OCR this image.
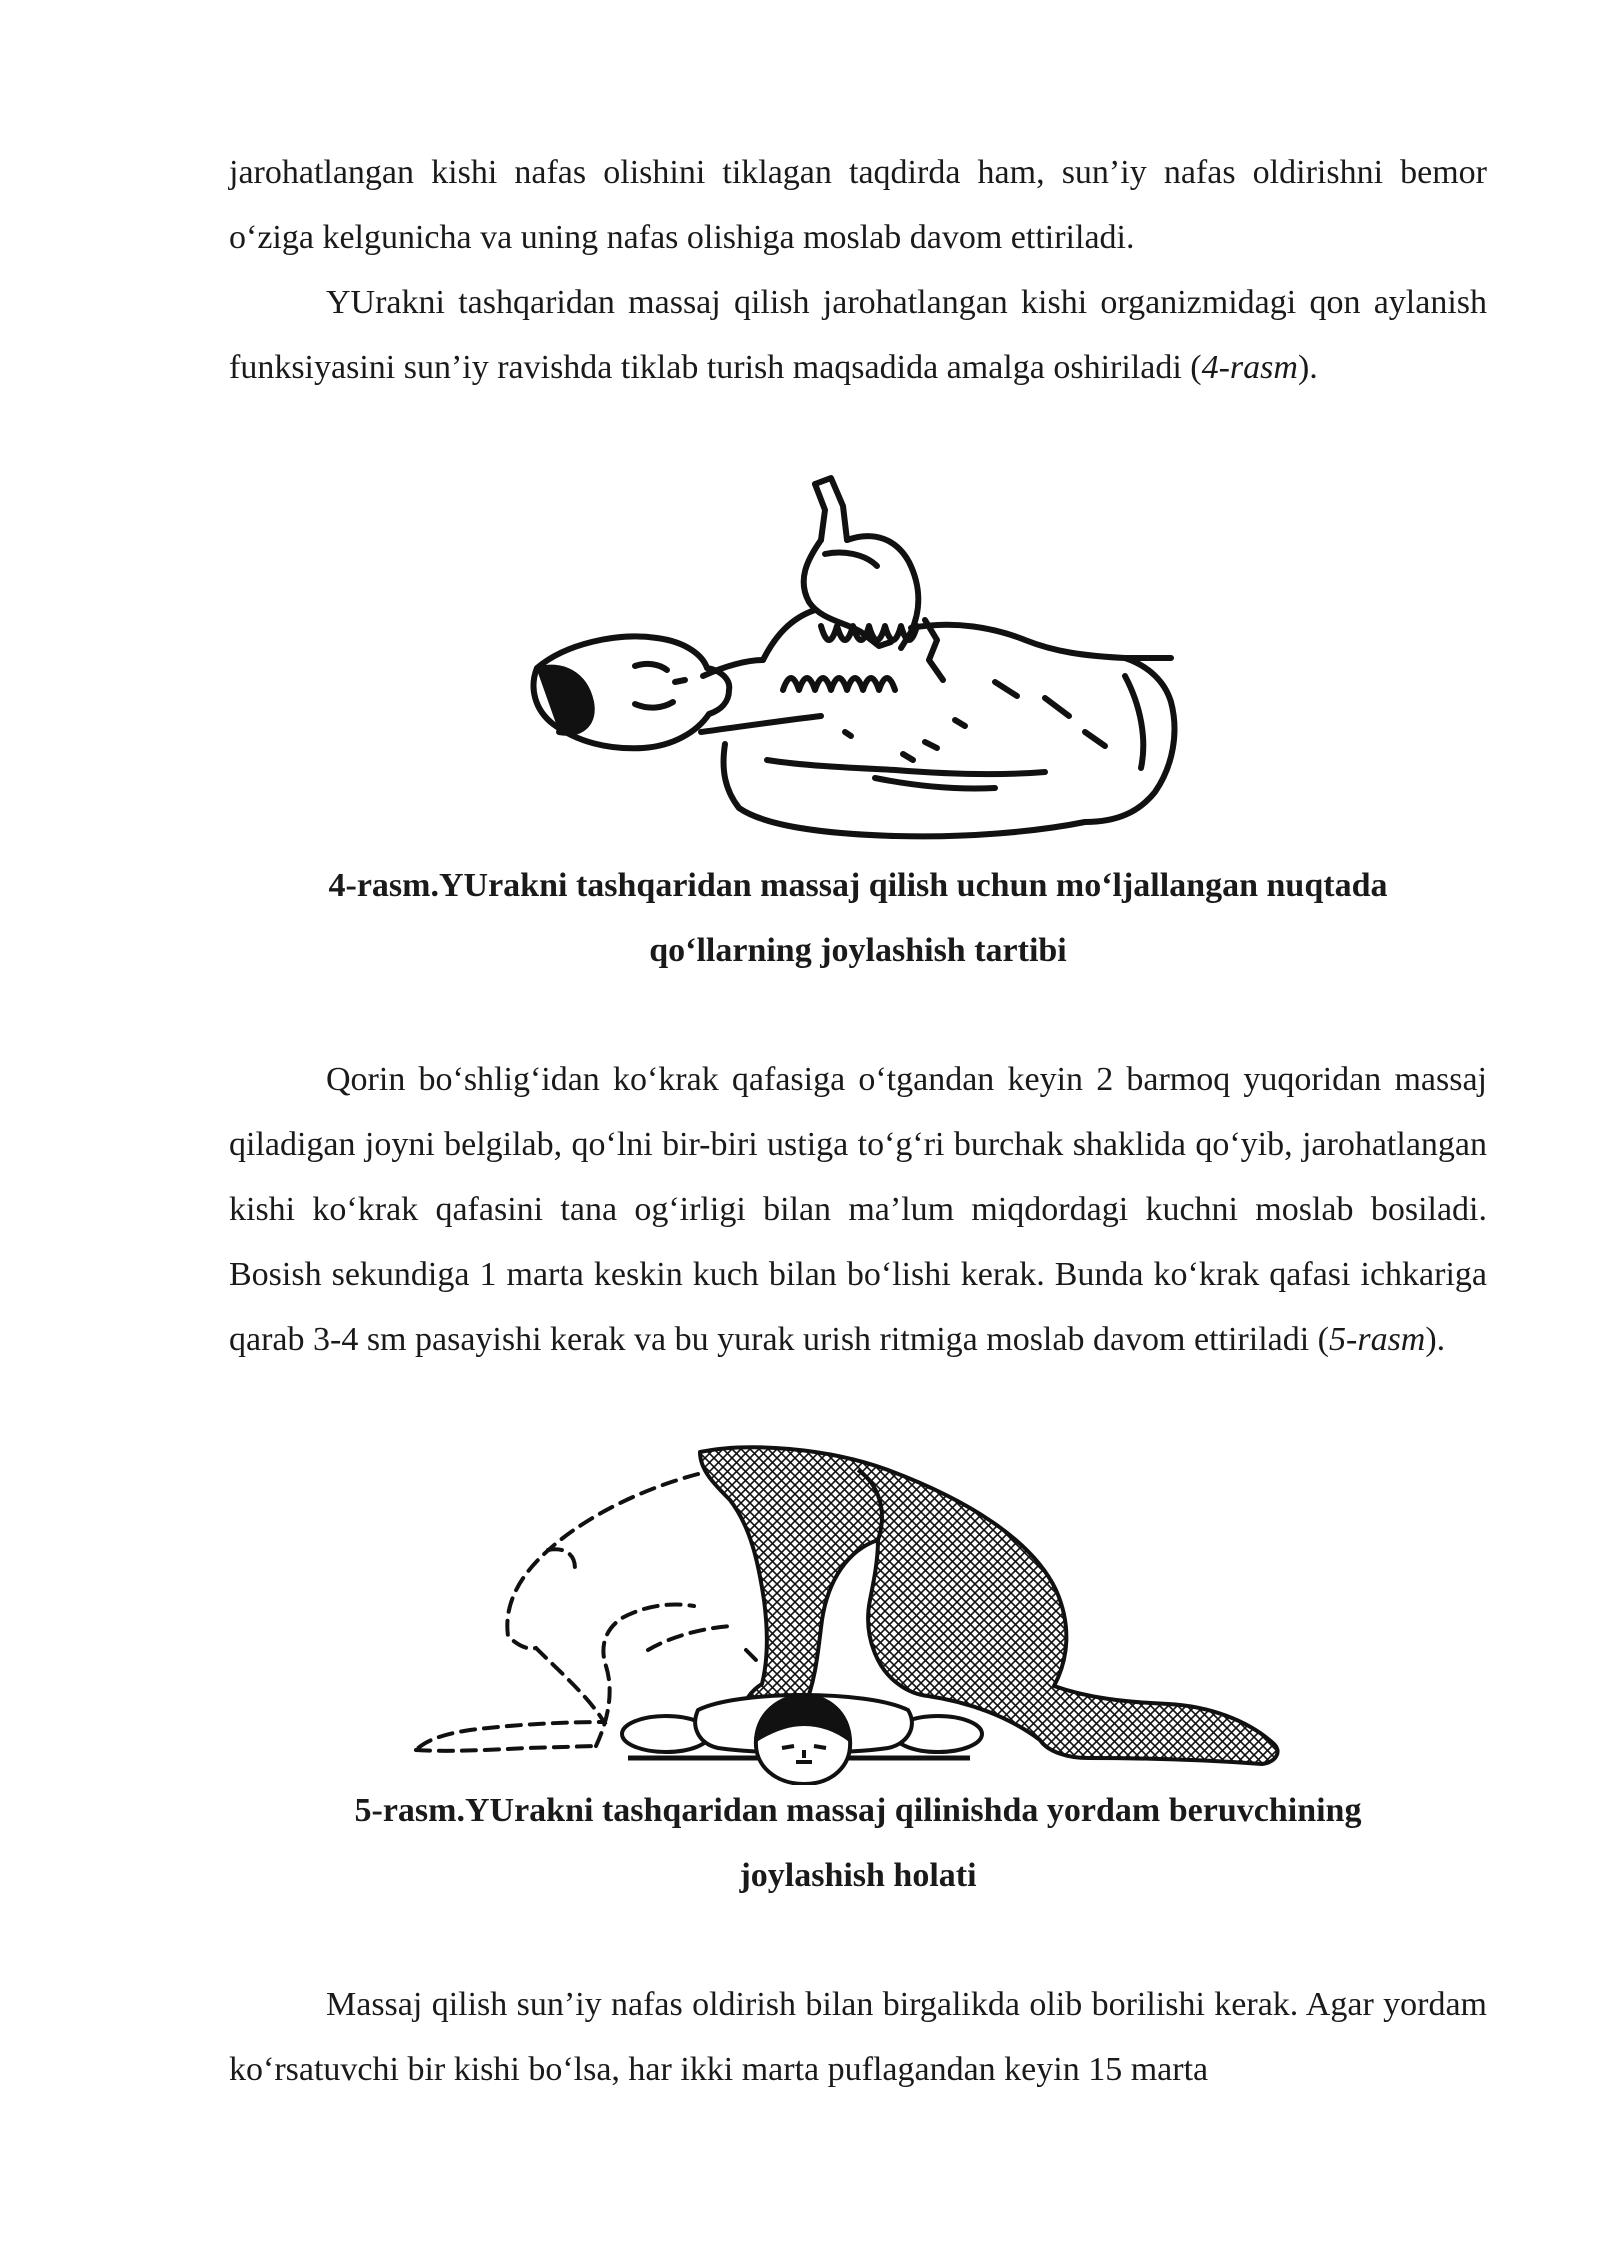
jarohatlangan kishi nafas olishini tiklagan taqdirda ham, sun’iy nafas oldirishni bemor o‘ziga kelgunicha va uning nafas olishiga moslab davom ettiriladi.

YUrakni tashqaridan massaj qilish jarohatlangan kishi organizmidagi qon aylanish funksiyasini sun’iy ravishda tiklab turish maqsadida amalga oshiriladi (4-rasm).

4-rasm.YUrakni tashqaridan massaj qilish uchun mo‘ljallangan nuqtada
qo‘llarning joylashish tartibi

Qorin bo‘shlig‘idan ko‘krak qafasiga o‘tgandan keyin 2 barmoq yuqoridan massaj qiladigan joyni belgilab, qo‘lni bir-biri ustiga to‘g‘ri burchak shaklida qo‘yib, jarohatlangan kishi ko‘krak qafasini tana og‘irligi bilan ma’lum miqdordagi kuchni moslab bosiladi. Bosish sekundiga 1 marta keskin kuch bilan bo‘lishi kerak. Bunda ko‘krak qafasi ichkariga qarab 3-4 sm pasayishi kerak va bu yurak urish ritmiga moslab davom ettiriladi (5-rasm).

5-rasm.YUrakni tashqaridan massaj qilinishda yordam beruvchining
joylashish holati

Massaj qilish sun’iy nafas oldirish bilan birgalikda olib borilishi kerak. Agar yordam ko‘rsatuvchi bir kishi bo‘lsa, har ikki marta puflagandan keyin 15 marta
